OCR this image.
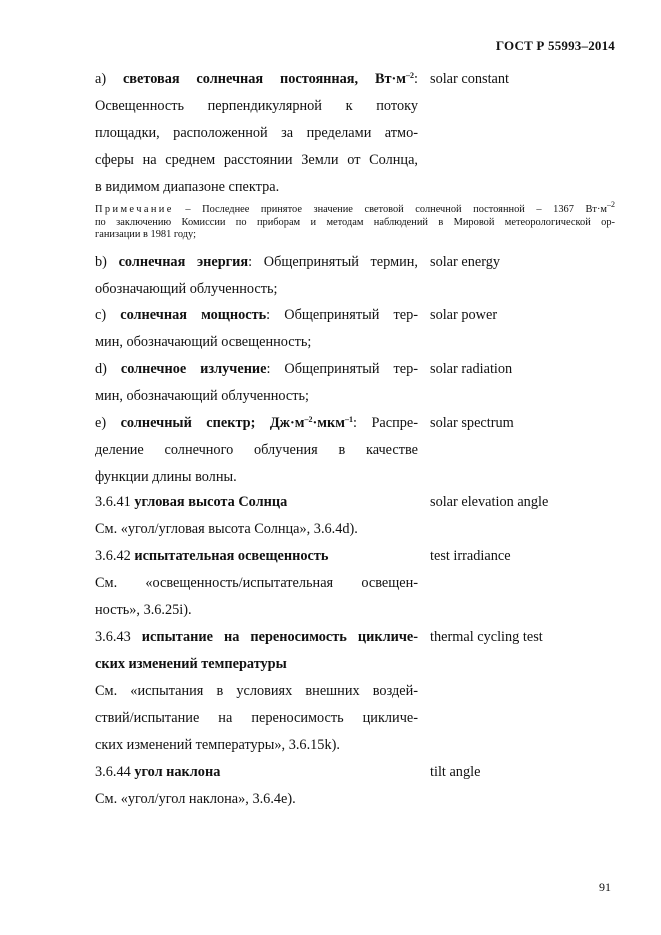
ГОСТ Р 55993–2014
a) световая солнечная постоянная, $Вт\cdot м^{-2}$:
Освещенность перпендикулярной к потоку
площадки, расположенной за пределами атмо-
сферы на среднем расстоянии Земли от Солнца,
в видимом диапазоне спектра.
solar constant
Примечание – Последнее принятое значение световой солнечной постоянной – 1367 $Вт\cdot м^{-2}$
по заключению Комиссии по приборам и методам наблюдений в Мировой метеорологической ор-
ганизации в 1981 году;
b) солнечная энергия: Общепринятый термин,
обозначающий облученность;
solar energy
c) солнечная мощность: Общепринятый тер-
мин, обозначающий освещенность;
solar power
d) солнечное излучение: Общепринятый тер-
мин, обозначающий облученность;
solar radiation
e) солнечный спектр; $Дж\cdot м^{-2}\cdot мкм^{-1}$: Распре-
деление солнечного облучения в качестве
функции длины волны.
solar spectrum
3.6.41 угловая высота Солнца
См. «угол/угловая высота Солнца», 3.6.4d).
solar elevation angle
3.6.42 испытательная освещенность
См. «освещенность/испытательная освещен-
ность», 3.6.25i).
test irradiance
3.6.43 испытание на переносимость цикличе-
ских изменений температуры
См. «испытания в условиях внешних воздей-
ствий/испытание на переносимость цикличе-
ских изменений температуры», 3.6.15k).
thermal cycling test
3.6.44 угол наклона
См. «угол/угол наклона», 3.6.4e).
tilt angle
91
